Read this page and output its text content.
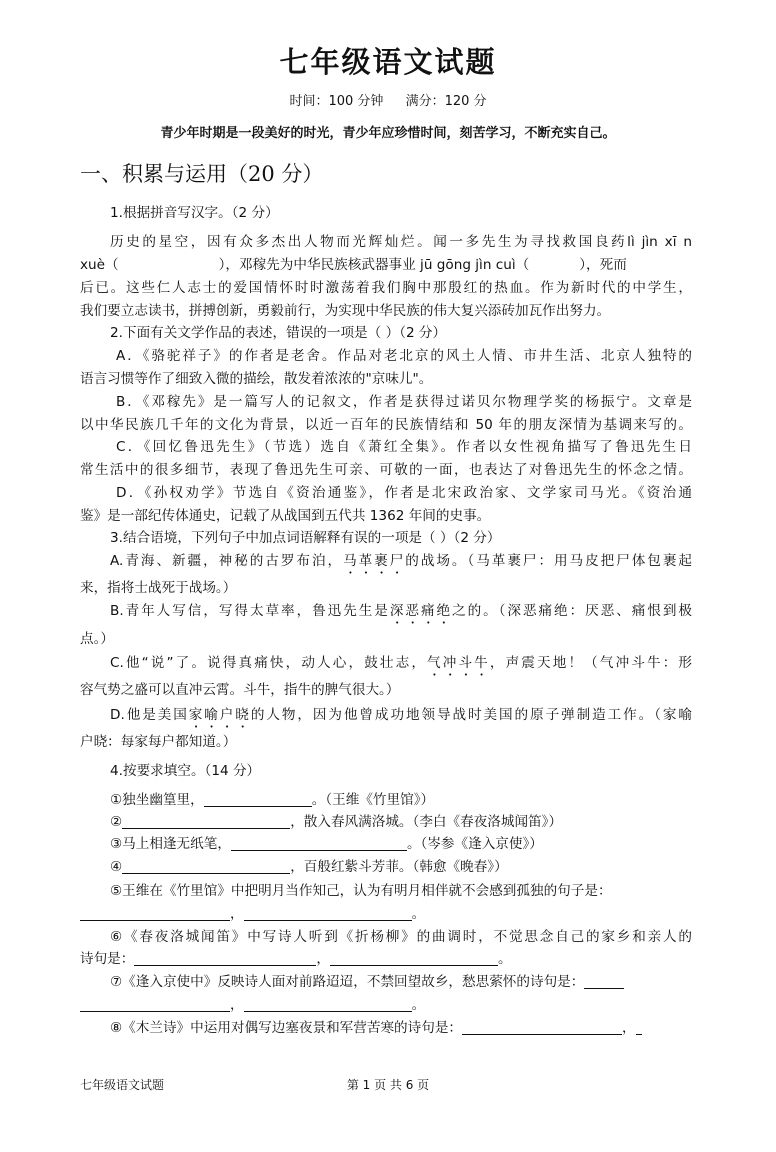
七年级语文试题
时间：100 分钟 满分：120 分
青少年时期是一段美好的时光，青少年应珍惜时间，刻苦学习，不断充实自己。
一、积累与运用（20 分）
1.根据拼音写汉字。（2 分）
历史的星空，因有众多杰出人物而光辉灿烂。闻一多先生为寻找救国良药lì jìn xī n
xuè（	），邓稼先为中华民族核武器事业 jū gōng jìn cuì（	），死而
后已。这些仁人志士的爱国情怀时时激荡着我们胸中那殷红的热血。作为新时代的中学生，
我们要立志读书，拼搏创新，勇毅前行，为实现中华民族的伟大复兴添砖加瓦作出努力。
2.下面有关文学作品的表述，错误的一项是（ ）（2 分）
A．《骆驼祥子》的作者是老舍。作品对老北京的风土人情、市井生活、北京人独特的
语言习惯等作了细致入微的描绘，散发着浓浓的"京味儿"。
B．《邓稼先》是一篇写人的记叙文，作者是获得过诺贝尔物理学奖的杨振宁。文章是
以中华民族几千年的文化为背景，以近一百年的民族情结和 50 年的朋友深情为基调来写的。
C．《回忆鲁迅先生》（节选）选自《萧红全集》。作者以女性视角描写了鲁迅先生日
常生活中的很多细节，表现了鲁迅先生可亲、可敬的一面，也表达了对鲁迅先生的怀念之情。
D．《孙权劝学》节选自《资治通鉴》，作者是北宋政治家、文学家司马光。《资治通
鉴》是一部纪传体通史，记载了从战国到五代共 1362 年间的史事。
3.结合语境，下列句子中加点词语解释有误的一项是（ ）（2 分）
A.青海、新疆，神秘的古罗布泊，马革裹尸的战场。（马革裹尸：用马皮把尸体包裹起
来，指将士战死于战场。）
B.青年人写信，写得太草率，鲁迅先生是深恶痛绝之的。（深恶痛绝：厌恶、痛恨到极
点。）
C.他“说”了。说得真痛快，动人心，鼓壮志，气冲斗牛，声震天地！（气冲斗牛：形
容气势之盛可以直冲云霄。斗牛，指牛的脾气很大。）
D.他是美国家喻户晓的人物，因为他曾成功地领导战时美国的原子弹制造工作。（家喻
户晓：每家每户都知道。）
4.按要求填空。（14 分）
①独坐幽篁里，	。（王维《竹里馆》）
②	，散入春风满洛城。（李白《春夜洛城闻笛》）
③马上相逢无纸笔，	。（岑参《逢入京使》）
④	，百般红紫斗芳菲。（韩愈《晚春》）
⑤王维在《竹里馆》中把明月当作知己，认为有明月相伴就不会感到孤独的句子是：
，	。
⑥《春夜洛城闻笛》中写诗人听到《折杨柳》的曲调时，不觉思念自己的家乡和亲人的
诗句是：	，	。
⑦《逢入京使中》反映诗人面对前路迢迢，不禁回望故乡，愁思萦怀的诗句是：
，	。
⑧《木兰诗》中运用对偶写边塞夜景和军营苦寒的诗句是：	，
七年级语文试题	第 1 页 共 6 页
